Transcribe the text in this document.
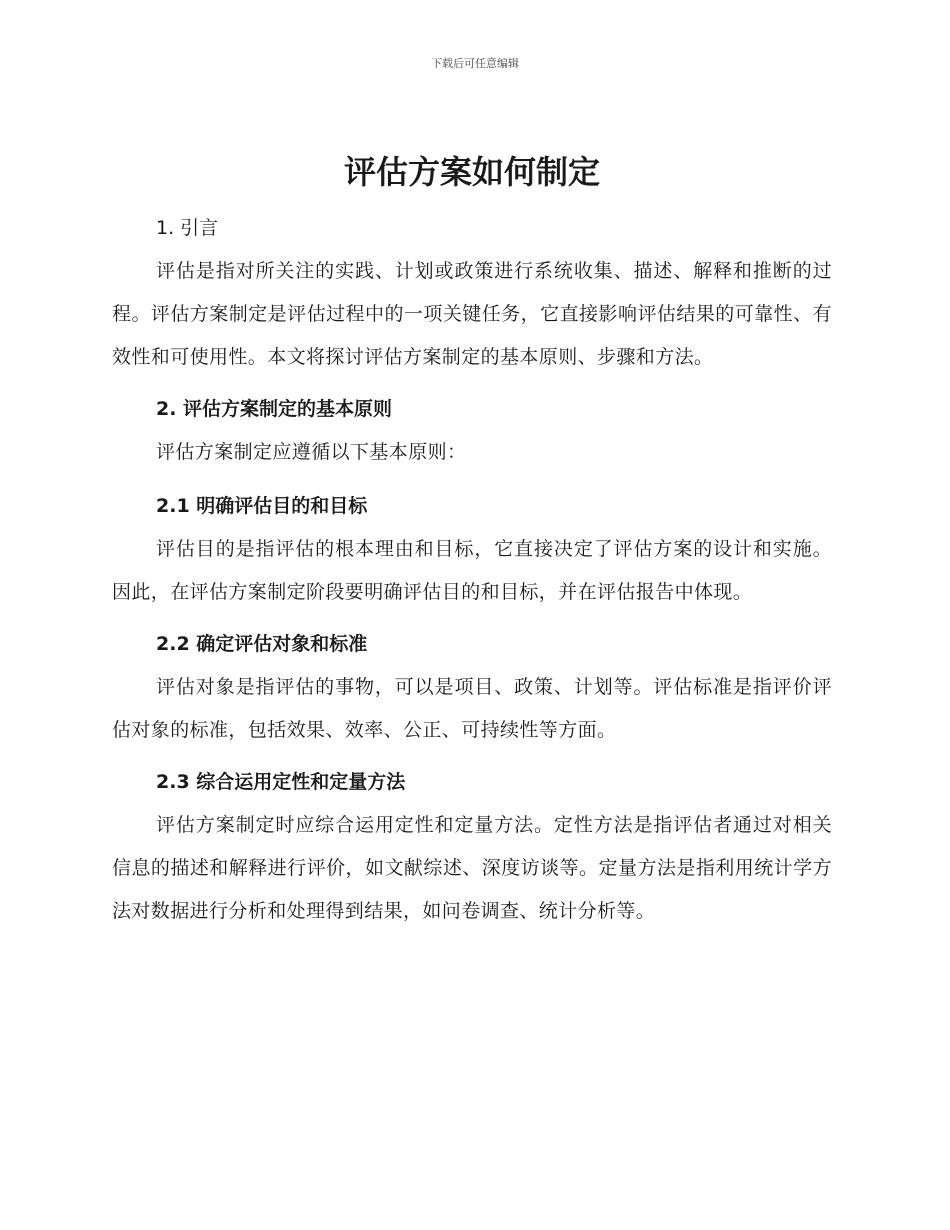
下载后可任意编辑
评估方案如何制定
1. 引言

评估是指对所关注的实践、计划或政策进行系统收集、描述、解释和推断的过程。评估方案制定是评估过程中的一项关键任务，它直接影响评估结果的可靠性、有效性和可使用性。本文将探讨评估方案制定的基本原则、步骤和方法。

2. 评估方案制定的基本原则

评估方案制定应遵循以下基本原则：

2.1 明确评估目的和目标

评估目的是指评估的根本理由和目标，它直接决定了评估方案的设计和实施。因此，在评估方案制定阶段要明确评估目的和目标，并在评估报告中体现。

2.2 确定评估对象和标准

评估对象是指评估的事物，可以是项目、政策、计划等。评估标准是指评价评估对象的标准，包括效果、效率、公正、可持续性等方面。

2.3 综合运用定性和定量方法

评估方案制定时应综合运用定性和定量方法。定性方法是指评估者通过对相关信息的描述和解释进行评价，如文献综述、深度访谈等。定量方法是指利用统计学方法对数据进行分析和处理得到结果，如问卷调查、统计分析等。
